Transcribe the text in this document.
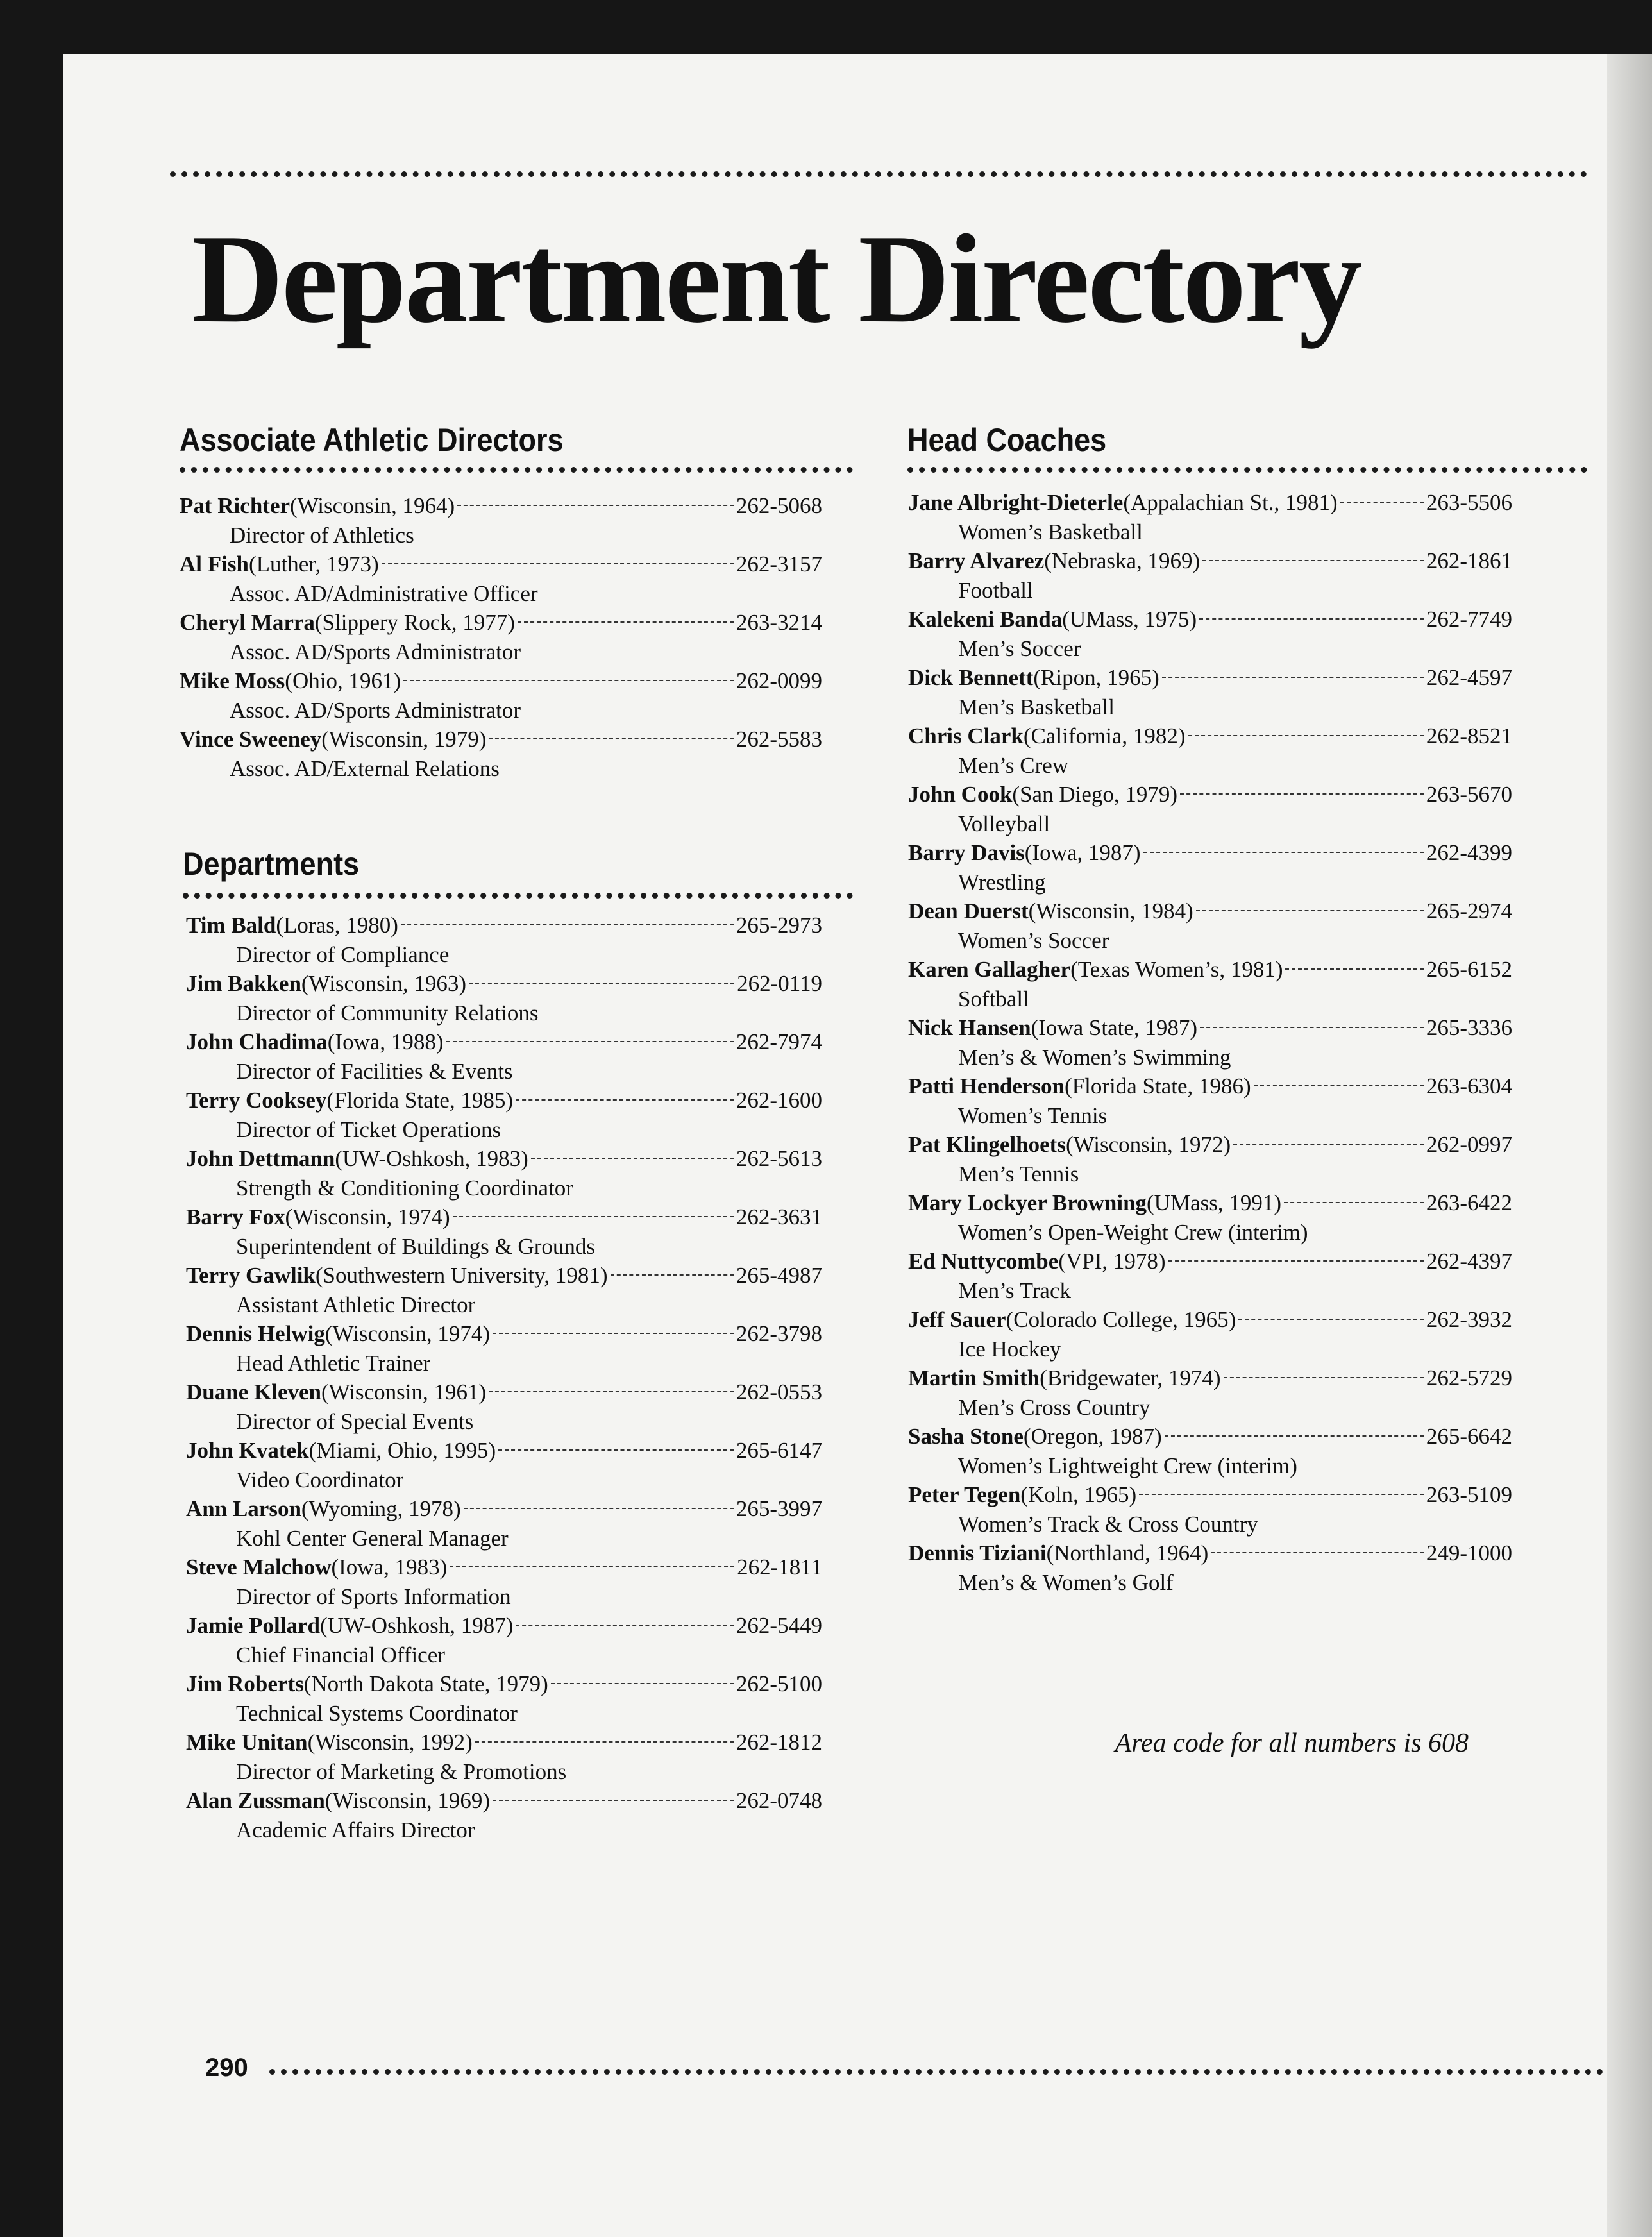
Department Directory
Associate Athletic Directors
Pat Richter (Wisconsin, 1964)	262-5068
Director of Athletics
Al Fish (Luther, 1973)	262-3157
Assoc. AD/Administrative Officer
Cheryl Marra (Slippery Rock, 1977)	263-3214
Assoc. AD/Sports Administrator
Mike Moss (Ohio, 1961)	262-0099
Assoc. AD/Sports Administrator
Vince Sweeney (Wisconsin, 1979)	262-5583
Assoc. AD/External Relations
Departments
Tim Bald (Loras, 1980)	265-2973
Director of Compliance
Jim Bakken (Wisconsin, 1963)	262-0119
Director of Community Relations
John Chadima (Iowa, 1988)	262-7974
Director of Facilities & Events
Terry Cooksey (Florida State, 1985)	262-1600
Director of Ticket Operations
John Dettmann (UW-Oshkosh, 1983)	262-5613
Strength & Conditioning Coordinator
Barry Fox (Wisconsin, 1974)	262-3631
Superintendent of Buildings & Grounds
Terry Gawlik (Southwestern University, 1981)	265-4987
Assistant Athletic Director
Dennis Helwig (Wisconsin, 1974)	262-3798
Head Athletic Trainer
Duane Kleven (Wisconsin, 1961)	262-0553
Director of Special Events
John Kvatek (Miami, Ohio, 1995)	265-6147
Video Coordinator
Ann Larson (Wyoming, 1978)	265-3997
Kohl Center General Manager
Steve Malchow (Iowa, 1983)	262-1811
Director of Sports Information
Jamie Pollard (UW-Oshkosh, 1987)	262-5449
Chief Financial Officer
Jim Roberts (North Dakota State, 1979)	262-5100
Technical Systems Coordinator
Mike Unitan (Wisconsin, 1992)	262-1812
Director of Marketing & Promotions
Alan Zussman (Wisconsin, 1969)	262-0748
Academic Affairs Director
Head Coaches
Jane Albright-Dieterle (Appalachian St., 1981)	263-5506
Women’s Basketball
Barry Alvarez (Nebraska, 1969)	262-1861
Football
Kalekeni Banda (UMass, 1975)	262-7749
Men’s Soccer
Dick Bennett (Ripon, 1965)	262-4597
Men’s Basketball
Chris Clark (California, 1982)	262-8521
Men’s Crew
John Cook (San Diego, 1979)	263-5670
Volleyball
Barry Davis (Iowa, 1987)	262-4399
Wrestling
Dean Duerst (Wisconsin, 1984)	265-2974
Women’s Soccer
Karen Gallagher (Texas Women’s, 1981)	265-6152
Softball
Nick Hansen (Iowa State, 1987)	265-3336
Men’s & Women’s Swimming
Patti Henderson (Florida State, 1986)	263-6304
Women’s Tennis
Pat Klingelhoets (Wisconsin, 1972)	262-0997
Men’s Tennis
Mary Lockyer Browning (UMass, 1991)	263-6422
Women’s Open-Weight Crew (interim)
Ed Nuttycombe (VPI, 1978)	262-4397
Men’s Track
Jeff Sauer (Colorado College, 1965)	262-3932
Ice Hockey
Martin Smith (Bridgewater, 1974)	262-5729
Men’s Cross Country
Sasha Stone (Oregon, 1987)	265-6642
Women’s Lightweight Crew (interim)
Peter Tegen (Koln, 1965)	263-5109
Women’s Track & Cross Country
Dennis Tiziani (Northland, 1964)	249-1000
Men’s & Women’s Golf
Area code for all numbers is 608
290
